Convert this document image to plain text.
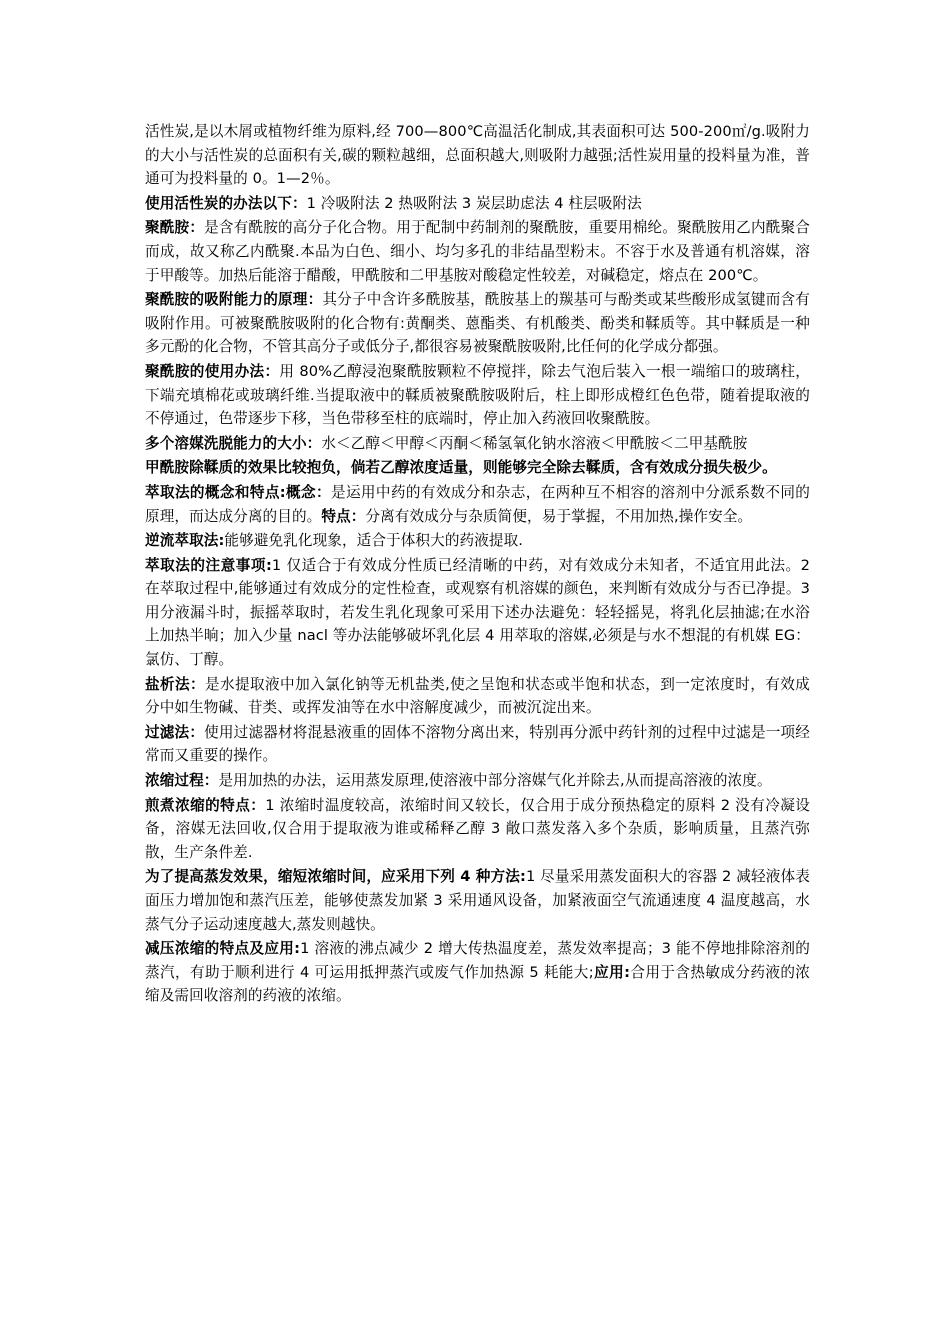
活性炭,是以木屑或植物纤维为原料,经 700—800℃高温活化制成,其表面积可达 500-200㎡/g.吸附力的大小与活性炭的总面积有关,碳的颗粒越细，总面积越大,则吸附力越强;活性炭用量的投料量为准，普通可为投料量的 0。1—2％。

使用活性炭的办法以下：1 冷吸附法 2 热吸附法 3 炭层助虑法 4 柱层吸附法

聚酰胺：是含有酰胺的高分子化合物。用于配制中药制剂的聚酰胺，重要用棉纶。聚酰胺用乙内酰聚合而成，故又称乙内酰聚.本品为白色、细小、均匀多孔的非结晶型粉末。不容于水及普通有机溶媒，溶于甲酸等。加热后能溶于醋酸，甲酰胺和二甲基胺对酸稳定性较差，对碱稳定，熔点在 200℃。

聚酰胺的吸附能力的原理：其分子中含许多酰胺基，酰胺基上的羰基可与酚类或某些酸形成氢键而含有吸附作用。可被聚酰胺吸附的化合物有:黄酮类、蒽酯类、有机酸类、酚类和鞣质等。其中鞣质是一种多元酚的化合物，不管其高分子或低分子,都很容易被聚酰胺吸附,比任何的化学成分都强。

聚酰胺的使用办法：用 80%乙醇浸泡聚酰胺颗粒不停搅拌，除去气泡后装入一根一端缩口的玻璃柱，下端充填棉花或玻璃纤维.当提取液中的鞣质被聚酰胺吸附后，柱上即形成橙红色色带，随着提取液的不停通过，色带逐步下移，当色带移至柱的底端时，停止加入药液回收聚酰胺。

多个溶媒洗脱能力的大小：水＜乙醇＜甲醇＜丙酮＜稀氢氧化钠水溶液＜甲酰胺＜二甲基酰胺

甲酰胺除鞣质的效果比较抱负，倘若乙醇浓度适量，则能够完全除去鞣质，含有效成分损失极少。

萃取法的概念和特点:概念：是运用中药的有效成分和杂志，在两种互不相容的溶剂中分派系数不同的原理，而达成分离的目的。特点：分离有效成分与杂质简便，易于掌握，不用加热,操作安全。

逆流萃取法:能够避免乳化现象，适合于体积大的药液提取.

萃取法的注意事项:1 仅适合于有效成分性质已经清晰的中药，对有效成分未知者，不适宜用此法。2 在萃取过程中,能够通过有效成分的定性检查，或观察有机溶媒的颜色，来判断有效成分与否已净提。3 用分液漏斗时，振摇萃取时，若发生乳化现象可采用下述办法避免：轻轻摇晃，将乳化层抽滤;在水浴上加热半晌；加入少量 nacl 等办法能够破坏乳化层 4 用萃取的溶媒,必须是与水不想混的有机媒 EG：氯仿、丁醇。

盐析法：是水提取液中加入氯化钠等无机盐类,使之呈饱和状态或半饱和状态，到一定浓度时，有效成分中如生物碱、苷类、或挥发油等在水中溶解度减少，而被沉淀出来。

过滤法：使用过滤器材将混悬液重的固体不溶物分离出来，特别再分派中药针剂的过程中过滤是一项经常而又重要的操作。

浓缩过程：是用加热的办法，运用蒸发原理,使溶液中部分溶媒气化并除去,从而提高溶液的浓度。

煎煮浓缩的特点：1 浓缩时温度较高，浓缩时间又较长，仅合用于成分预热稳定的原料 2 没有冷凝设备，溶媒无法回收,仅合用于提取液为谁或稀释乙醇 3 敞口蒸发落入多个杂质，影响质量，且蒸汽弥散，生产条件差.

为了提高蒸发效果，缩短浓缩时间，应采用下列 4 种方法:1 尽量采用蒸发面积大的容器 2 减轻液体表面压力增加饱和蒸汽压差，能够使蒸发加紧 3 采用通风设备，加紧液面空气流通速度 4 温度越高，水蒸气分子运动速度越大,蒸发则越快。

减压浓缩的特点及应用:1 溶液的沸点减少 2 增大传热温度差，蒸发效率提高；3 能不停地排除溶剂的蒸汽，有助于顺利进行 4 可运用抵押蒸汽或废气作加热源 5 耗能大;应用:合用于含热敏成分药液的浓缩及需回收溶剂的药液的浓缩。
